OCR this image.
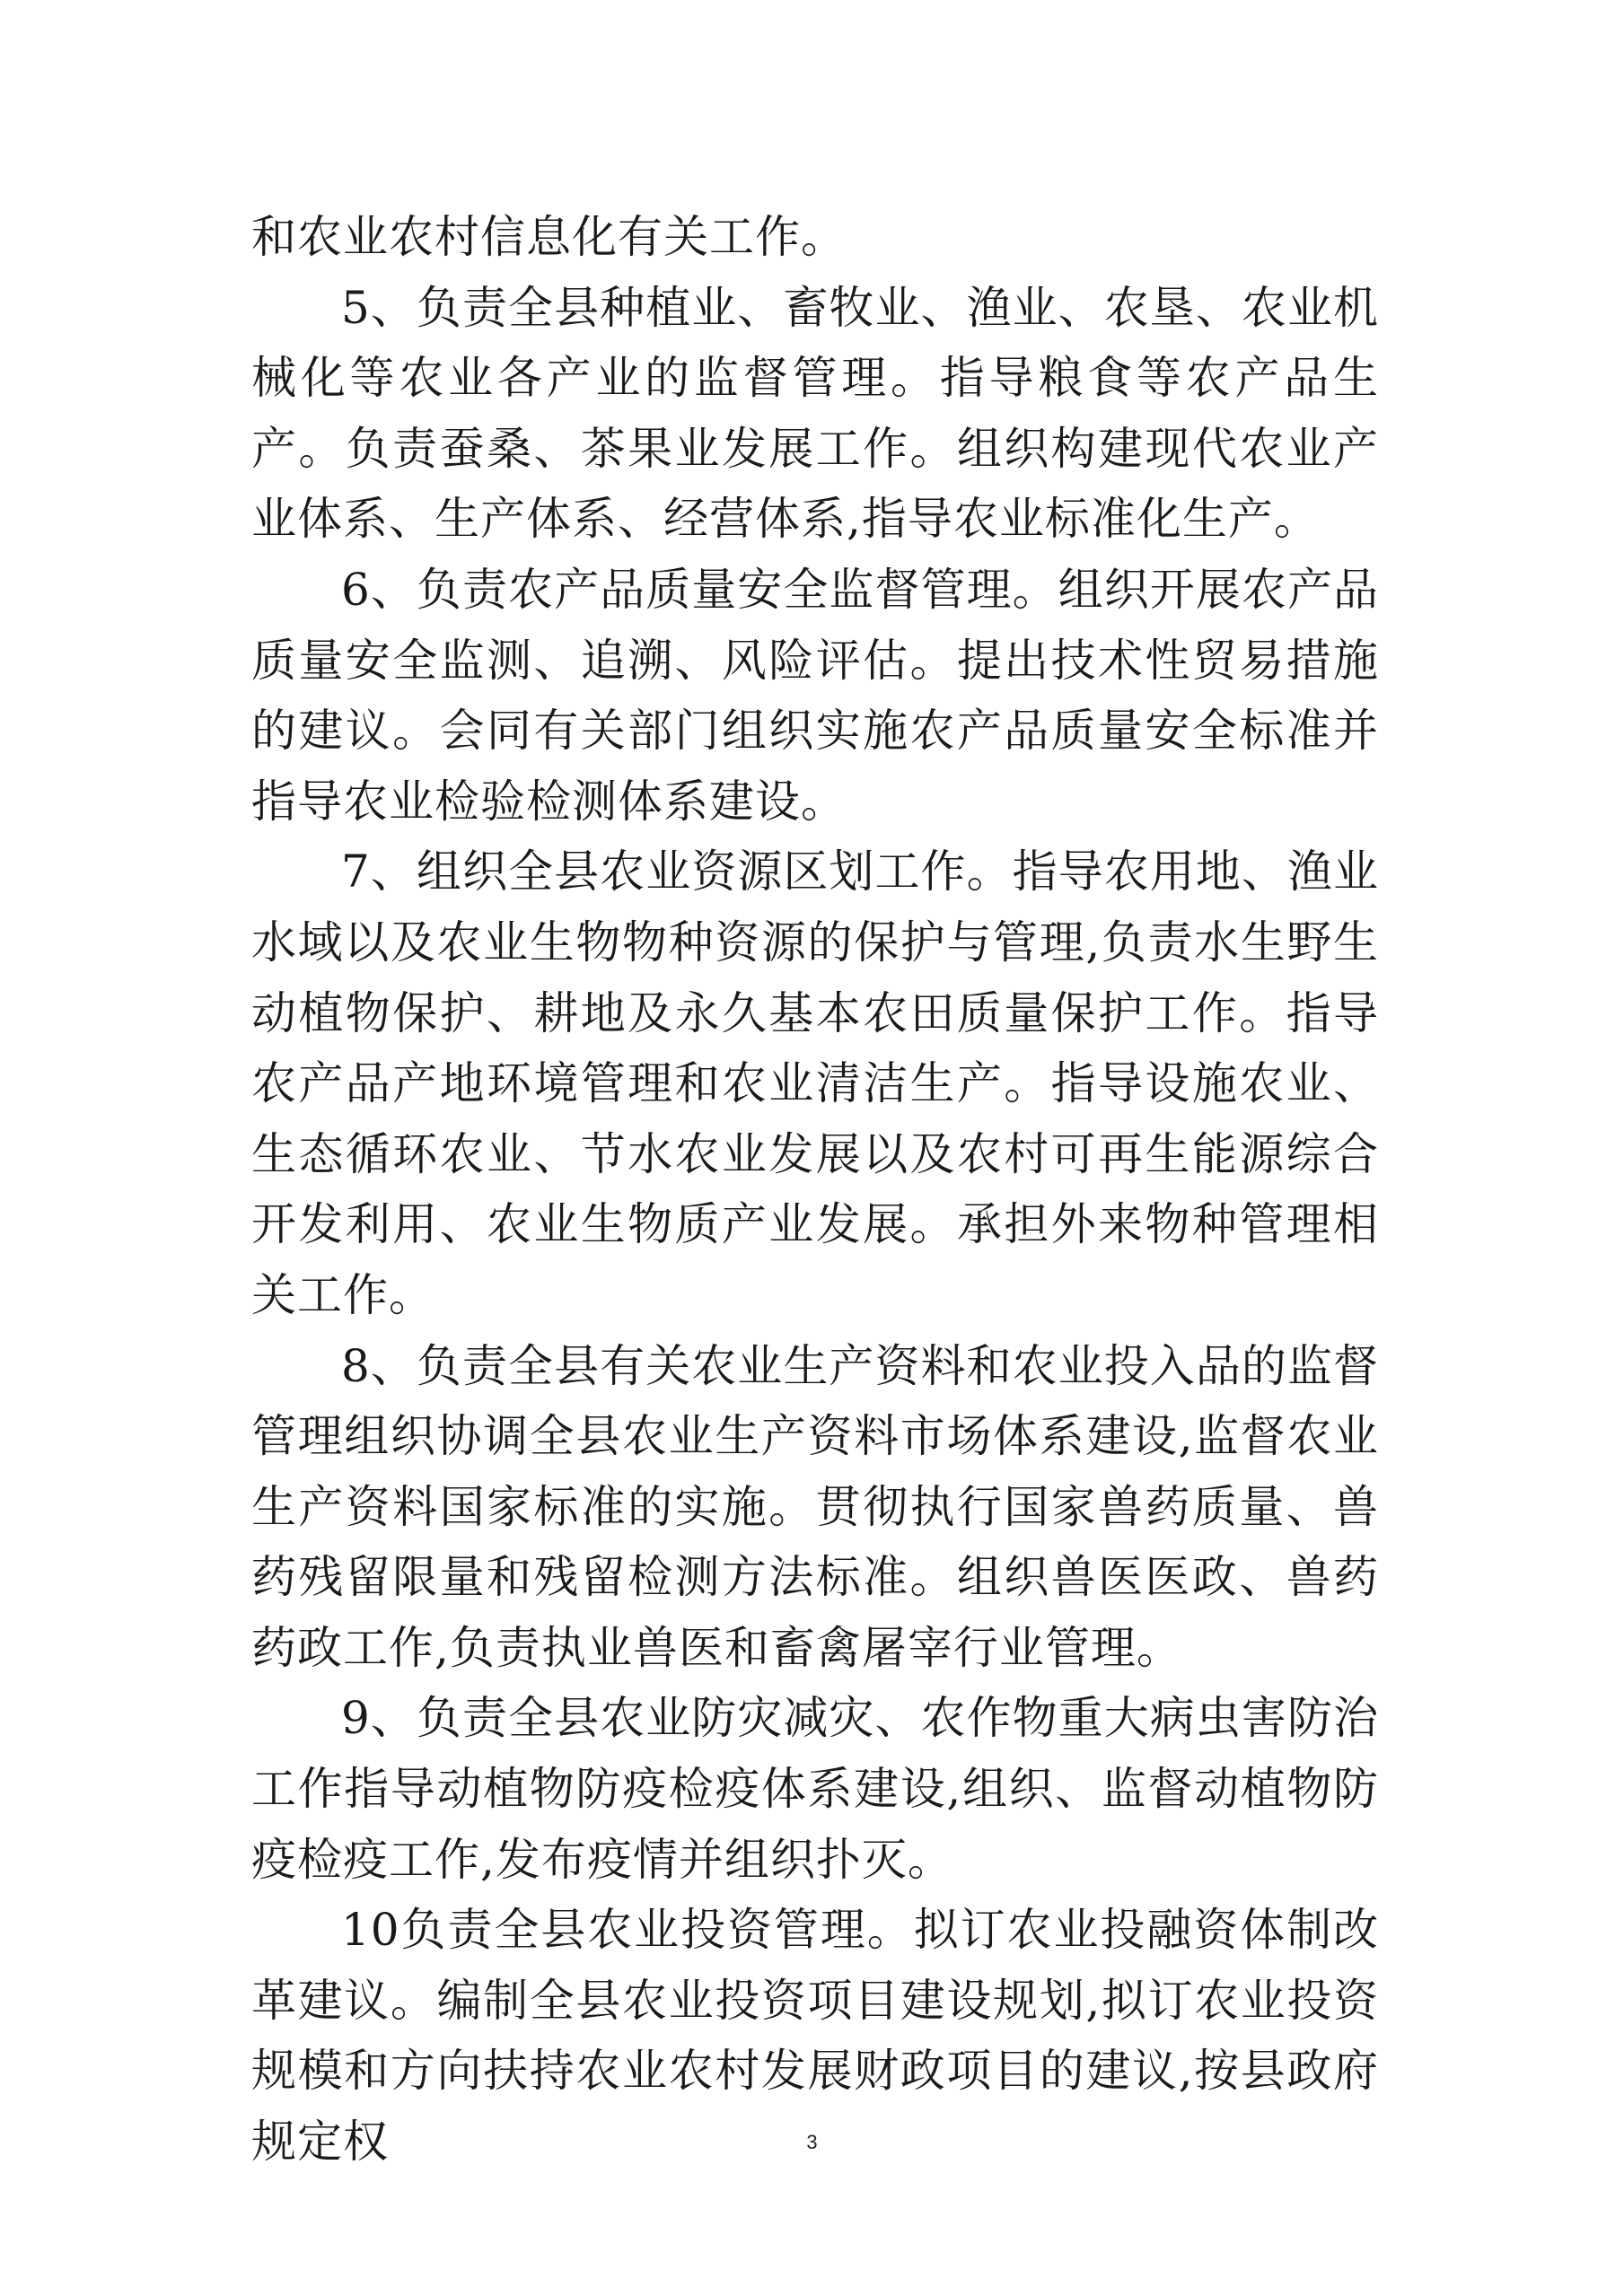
和农业农村信息化有关工作。

5、负责全县种植业、畜牧业、渔业、农垦、农业机械化等农业各产业的监督管理。指导粮食等农产品生产。负责蚕桑、茶果业发展工作。组织构建现代农业产业体系、生产体系、经营体系,指导农业标准化生产。

6、负责农产品质量安全监督管理。组织开展农产品质量安全监测、追溯、风险评估。提出技术性贸易措施的建议。会同有关部门组织实施农产品质量安全标准并指导农业检验检测体系建设。

7、组织全县农业资源区划工作。指导农用地、渔业水域以及农业生物物种资源的保护与管理,负责水生野生动植物保护、耕地及永久基本农田质量保护工作。指导农产品产地环境管理和农业清洁生产。指导设施农业、生态循环农业、节水农业发展以及农村可再生能源综合开发利用、农业生物质产业发展。承担外来物种管理相关工作。

8、负责全县有关农业生产资料和农业投入品的监督管理组织协调全县农业生产资料市场体系建设,监督农业生产资料国家标准的实施。贯彻执行国家兽药质量、兽药残留限量和残留检测方法标准。组织兽医医政、兽药药政工作,负责执业兽医和畜禽屠宰行业管理。

9、负责全县农业防灾减灾、农作物重大病虫害防治工作指导动植物防疫检疫体系建设,组织、监督动植物防疫检疫工作,发布疫情并组织扑灭。

10负责全县农业投资管理。拟订农业投融资体制改革建议。编制全县农业投资项目建设规划,拟订农业投资规模和方向扶持农业农村发展财政项目的建议,按县政府规定权	3
